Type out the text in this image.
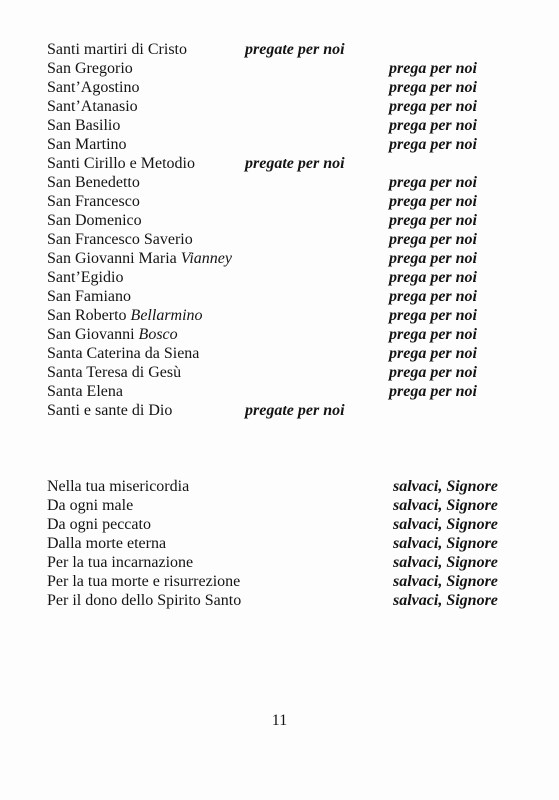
Santi martiri di Cristo	pregate per noi
San Gregorio	prega per noi
Sant’Agostino	prega per noi
Sant’Atanasio	prega per noi
San Basilio	prega per noi
San Martino	prega per noi
Santi Cirillo e Metodio	pregate per noi
San Benedetto	prega per noi
San Francesco	prega per noi
San Domenico	prega per noi
San Francesco Saverio	prega per noi
San Giovanni Maria Vianney	prega per noi
Sant’Egidio	prega per noi
San Famiano	prega per noi
San Roberto Bellarmino	prega per noi
San Giovanni Bosco	prega per noi
Santa Caterina da Siena	prega per noi
Santa Teresa di Gesù	prega per noi
Santa Elena	prega per noi
Santi e sante di Dio	pregate per noi
Nella tua misericordia	salvaci, Signore
Da ogni male	salvaci, Signore
Da ogni peccato	salvaci, Signore
Dalla morte eterna	salvaci, Signore
Per la tua incarnazione	salvaci, Signore
Per la tua morte e risurrezione	salvaci, Signore
Per il dono dello Spirito Santo	salvaci, Signore
11
